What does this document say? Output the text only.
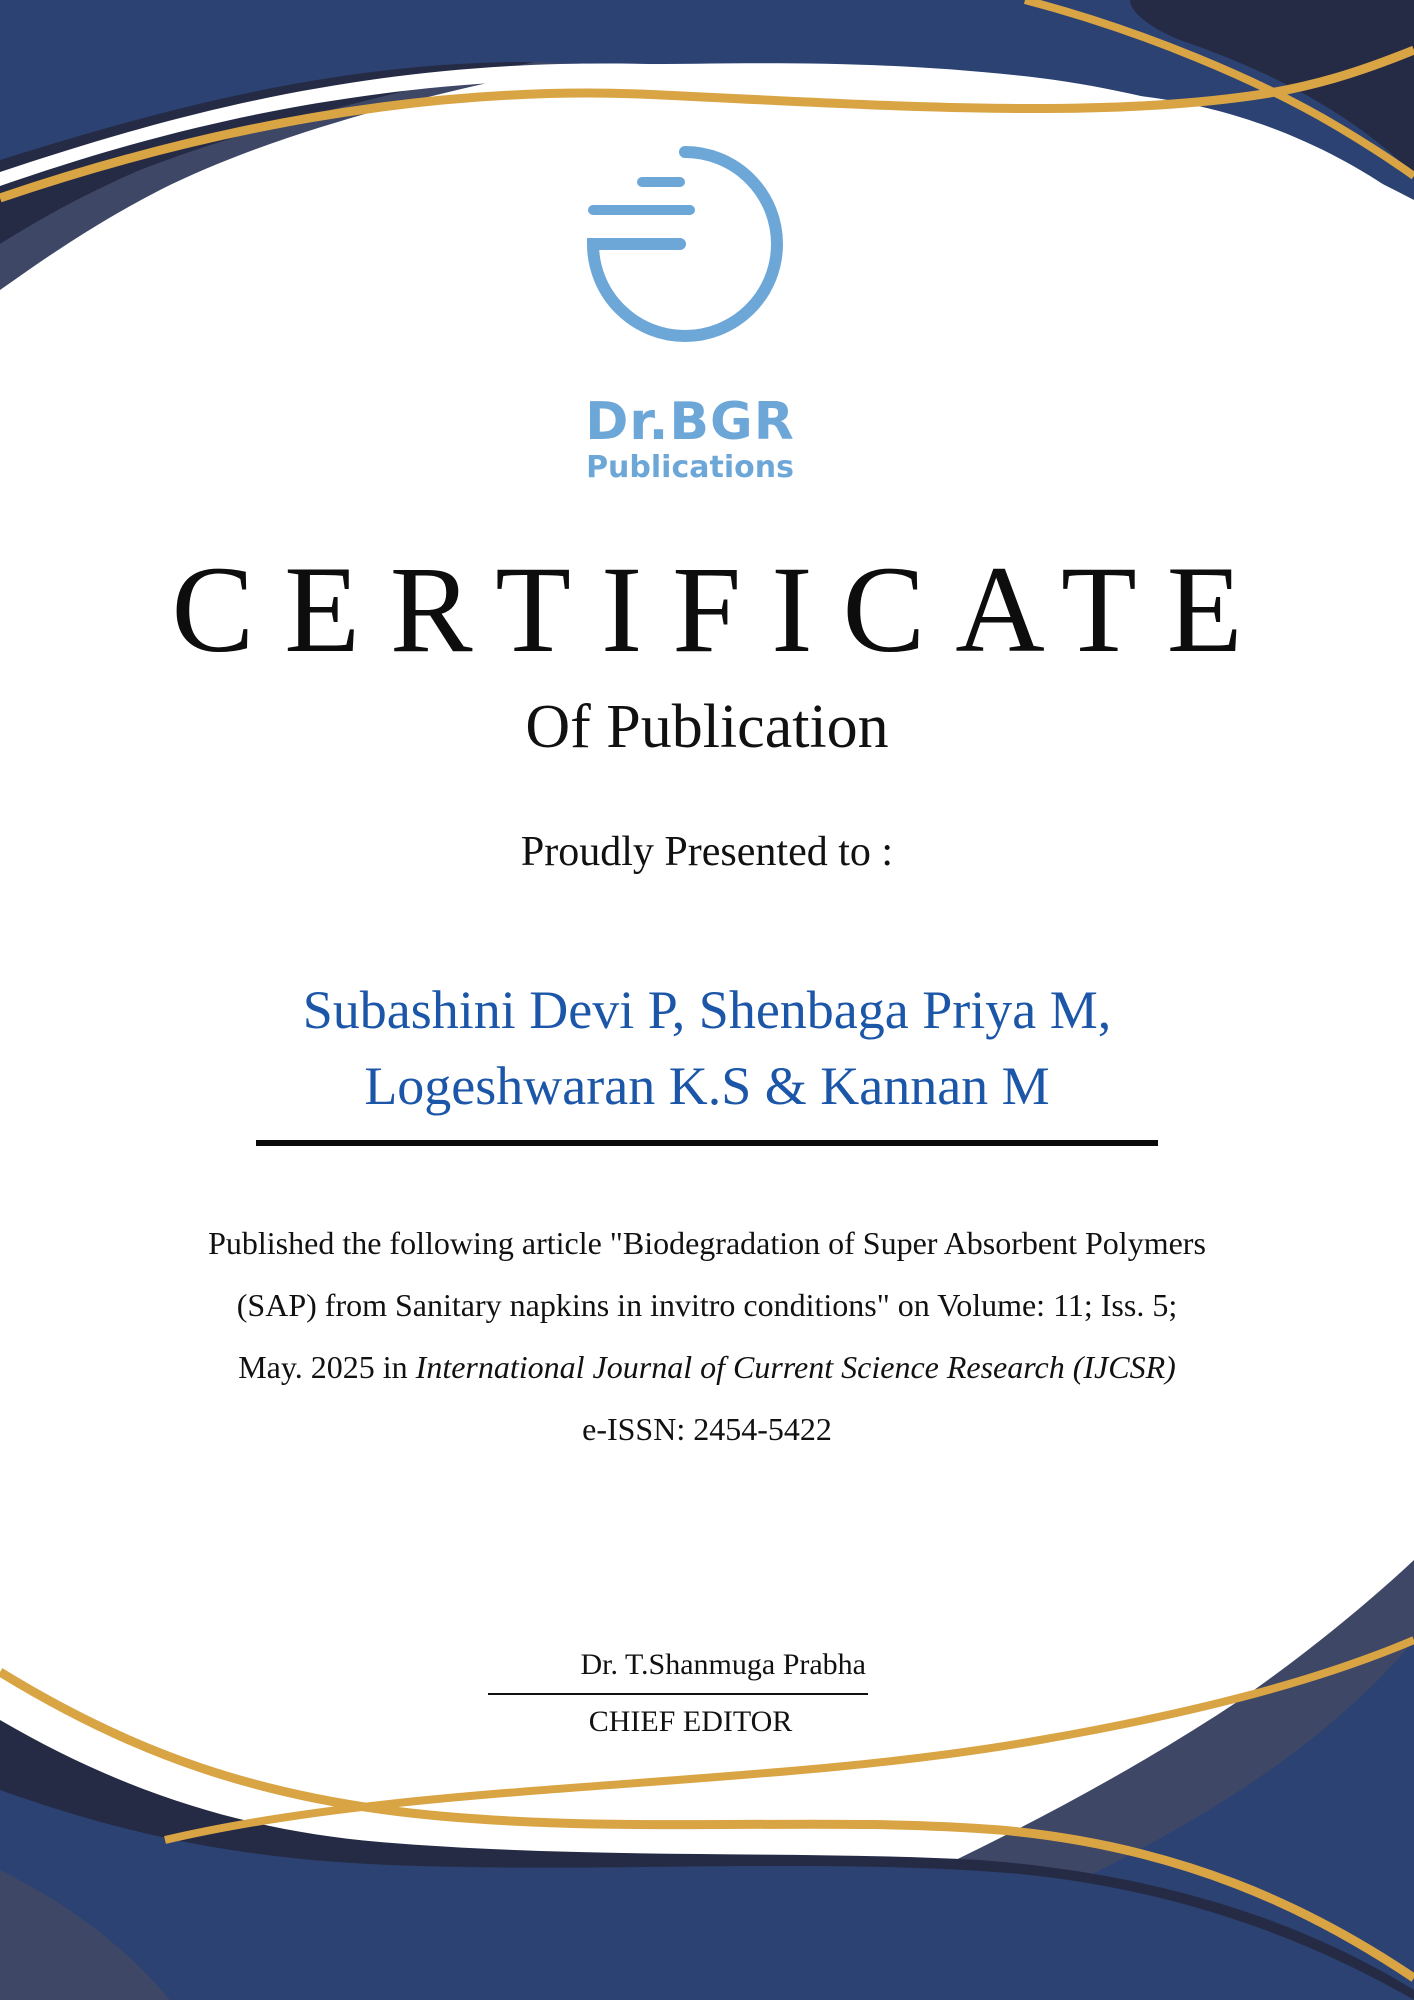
Dr.BGR
Publications
CERTIFICATE
Of Publication
Proudly Presented to :
Subashini Devi P, Shenbaga Priya M,
Logeshwaran K.S & Kannan M
Published the following article "Biodegradation of Super Absorbent Polymers
(SAP) from Sanitary napkins in invitro conditions" on Volume: 11; Iss. 5;
May. 2025 in International Journal of Current Science Research (IJCSR)
e-ISSN: 2454-5422
Dr. T.Shanmuga Prabha
CHIEF EDITOR
